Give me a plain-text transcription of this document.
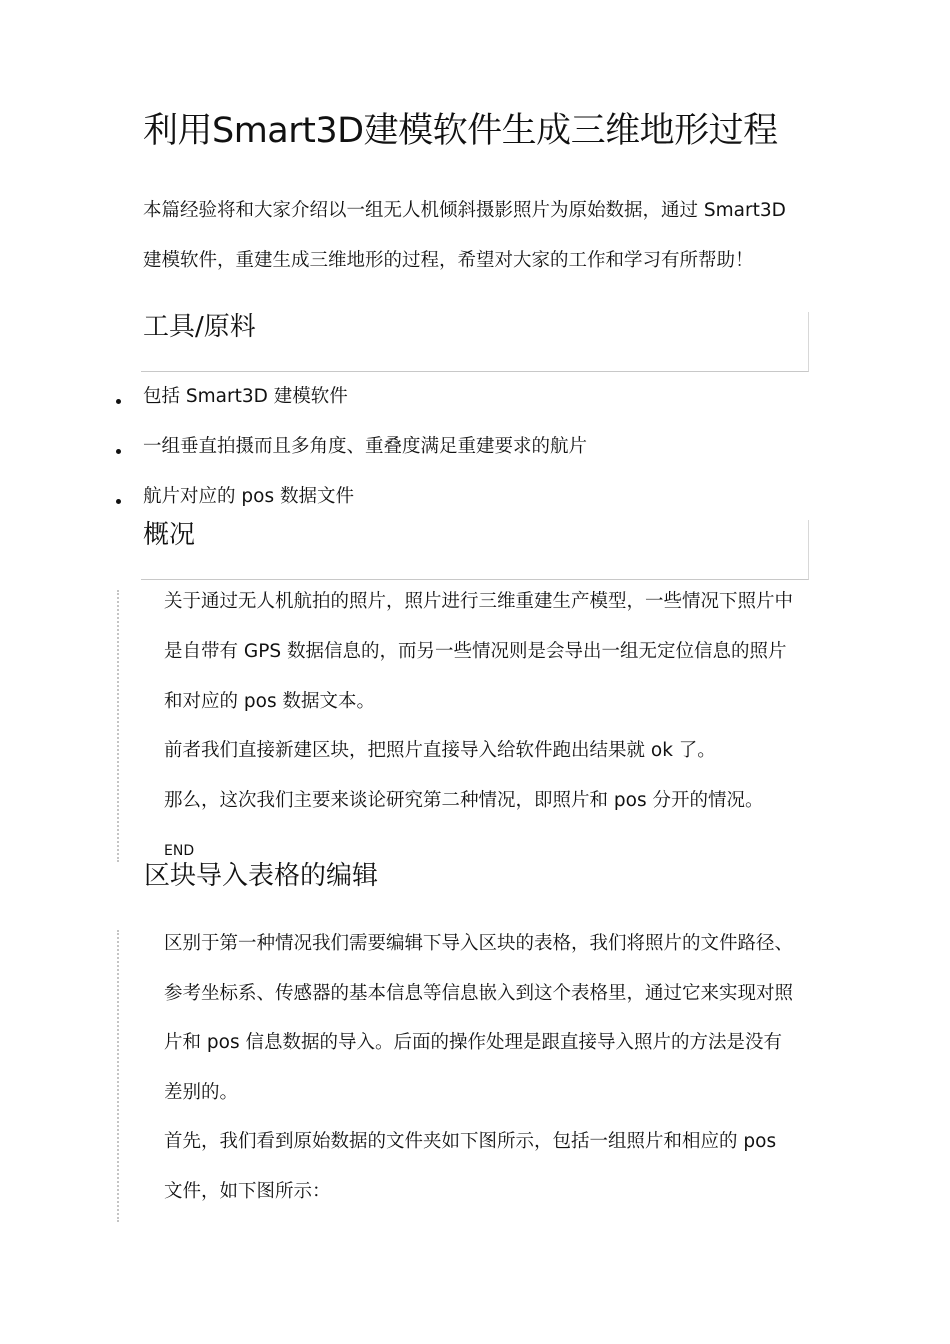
利用Smart3D建模软件生成三维地形过程
本篇经验将和大家介绍以一组无人机倾斜摄影照片为原始数据，通过 Smart3D
建模软件，重建生成三维地形的过程，希望对大家的工作和学习有所帮助！
工具/原料
包括 Smart3D 建模软件
一组垂直拍摄而且多角度、重叠度满足重建要求的航片
航片对应的 pos 数据文件
概况
关于通过无人机航拍的照片，照片进行三维重建生产模型，一些情况下照片中
是自带有 GPS 数据信息的，而另一些情况则是会导出一组无定位信息的照片
和对应的 pos 数据文本。
前者我们直接新建区块，把照片直接导入给软件跑出结果就 ok 了。
那么，这次我们主要来谈论研究第二种情况，即照片和 pos 分开的情况。
END
区块导入表格的编辑
区别于第一种情况我们需要编辑下导入区块的表格，我们将照片的文件路径、
参考坐标系、传感器的基本信息等信息嵌入到这个表格里，通过它来实现对照
片和 pos 信息数据的导入。后面的操作处理是跟直接导入照片的方法是没有
差别的。
首先，我们看到原始数据的文件夹如下图所示，包括一组照片和相应的 pos
文件，如下图所示：
